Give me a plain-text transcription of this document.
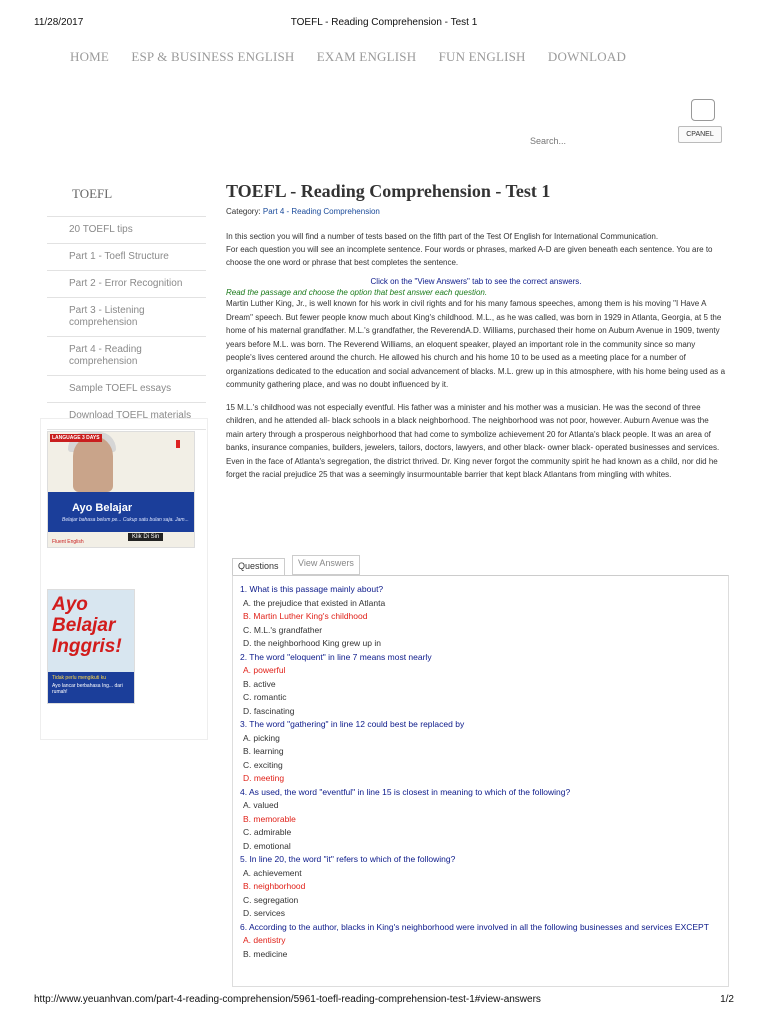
11/28/2017	TOEFL - Reading Comprehension - Test 1
HOME ESP & BUSINESS ENGLISH EXAM ENGLISH FUN ENGLISH DOWNLOAD
CPANEL
Search...
TOEFL
20 TOEFL tips
Part 1 - Toefl Structure
Part 2 - Error Recognition
Part 3 - Listening comprehension
Part 4 - Reading comprehension
Sample TOEFL essays
Download TOEFL materials
LANGUAGE 3 DAYS
Ayo Belajar
Belajar bahasa belum pe... Cukup satu bulan saja. Jam...
Klik Di Sin
Fluent English
Ayo Belajar Inggris!
Tidak perlu mengikuti ku
Ayo lancar berbahasa Ing... dari rumah!
TOEFL - Reading Comprehension - Test 1
Category: Part 4 - Reading Comprehension
In this section you will find a number of tests based on the fifth part of the Test Of English for International Communication.
For each question you will see an incomplete sentence. Four words or phrases, marked A-D are given beneath each sentence. You are to choose the one word or phrase that best completes the sentence.
Click on the "View Answers" tab to see the correct answers.
Read the passage and choose the option that best answer each question.

Martin Luther King, Jr., is well known for his work in civil rights and for his many famous speeches, among them is his moving "I Have A Dream" speech. But fewer people know much about King's childhood. M.L., as he was called, was born in 1929 in Atlanta, Georgia, at 5 the home of his maternal grandfather. M.L.'s grandfather, the ReverendA.D. Williams, purchased their home on Auburn Avenue in 1909, twenty years before M.L. was born. The Reverend Williams, an eloquent speaker, played an important role in the community since so many people's lives centered around the church. He allowed his church and his home 10 to be used as a meeting place for a number of organizations dedicated to the education and social advancement of blacks. M.L. grew up in this atmosphere, with his home being used as a community gathering place, and was no doubt influenced by it.

15 M.L.'s childhood was not especially eventful. His father was a minister and his mother was a musician. He was the second of three children, and he attended all- black schools in a black neighborhood. The neighborhood was not poor, however. Auburn Avenue was the main artery through a prosperous neighborhood that had come to symbolize achievement 20 for Atlanta's black people. It was an area of banks, insurance companies, builders, jewelers, tailors, doctors, lawyers, and other black- owner black- operated businesses and services. Even in the face of Atlanta's segregation, the district thrived. Dr. King never forgot the community spirit he had known as a child, nor did he forget the racial prejudice 25 that was a seemingly insurmountable barrier that kept black Atlantans from mingling with whites.

Questions	View Answers
1. What is this passage mainly about?
A. the prejudice that existed in Atlanta
B. Martin Luther King's childhood
C. M.L.'s grandfather
D. the neighborhood King grew up in
2. The word "eloquent" in line 7 means most nearly
A. powerful
B. active
C. romantic
D. fascinating
3. The word "gathering" in line 12 could best be replaced by
A. picking
B. learning
C. exciting
D. meeting
4. As used, the word "eventful" in line 15 is closest in meaning to which of the following?
A. valued
B. memorable
C. admirable
D. emotional
5. In line 20, the word "it" refers to which of the following?
A. achievement
B. neighborhood
C. segregation
D. services
6. According to the author, blacks in King's neighborhood were involved in all the following businesses and services EXCEPT
A. dentistry
B. medicine
http://www.yeuanhvan.com/part-4-reading-comprehension/5961-toefl-reading-comprehension-test-1#view-answers	1/2
